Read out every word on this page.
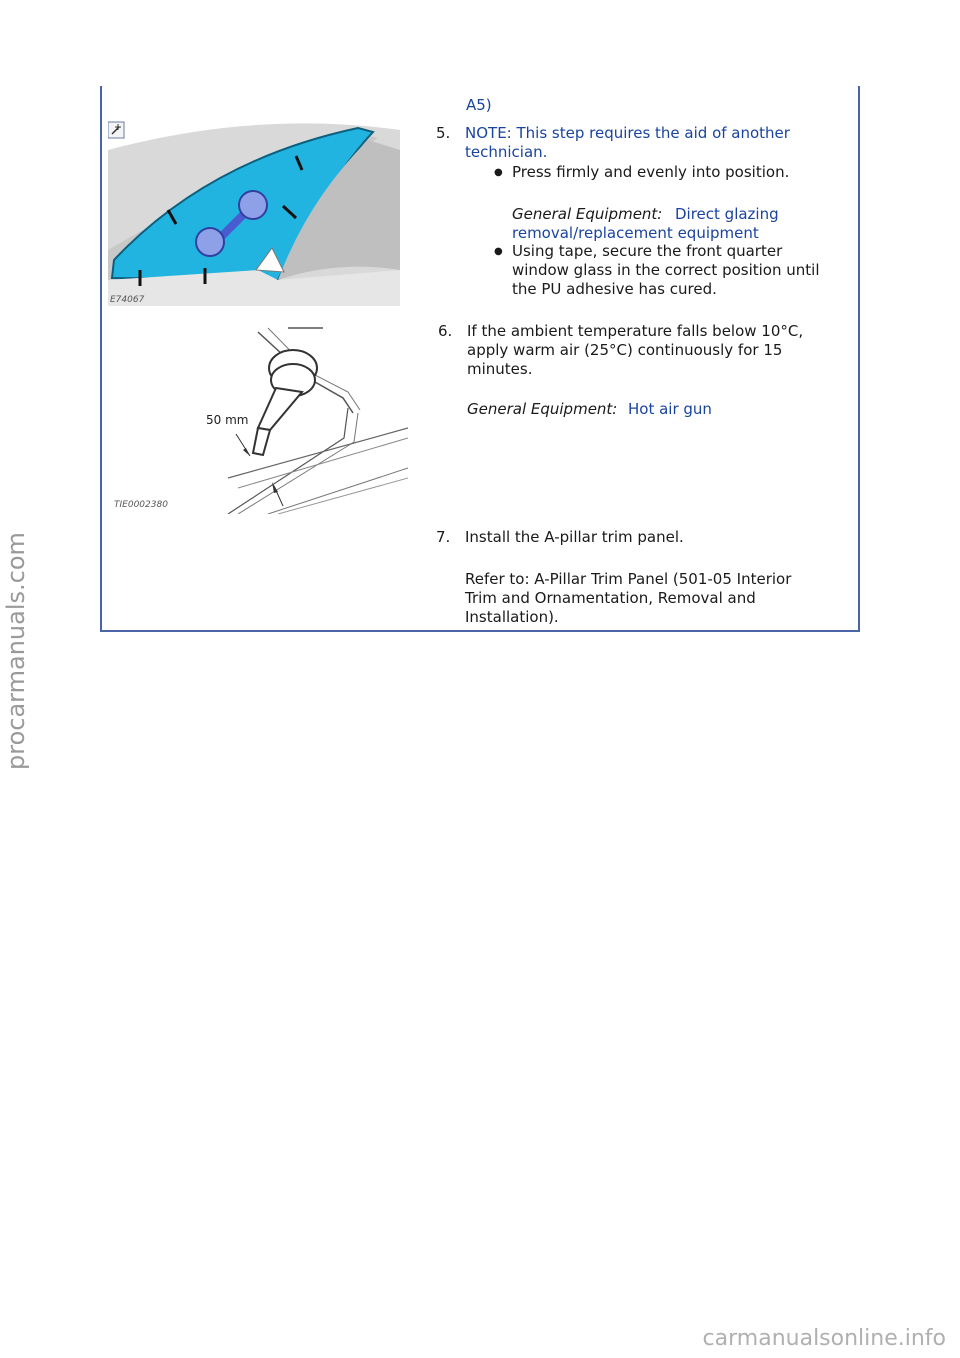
A5)
E74067
5. NOTE: This step requires the aid of another
technician.
● Press firmly and evenly into position.
General Equipment: Direct glazing
removal/replacement equipment
● Using tape, secure the front quarter
window glass in the correct position until
the PU adhesive has cured.
50 mm
TIE0002380
6. If the ambient temperature falls below 10°C,
apply warm air (25°C) continuously for 15
minutes.
General Equipment: Hot air gun
7. Install the A-pillar trim panel.
Refer to: A-Pillar Trim Panel (501-05 Interior
Trim and Ornamentation, Removal and
Installation).
procarmanuals.com
carmanualsonline.info
